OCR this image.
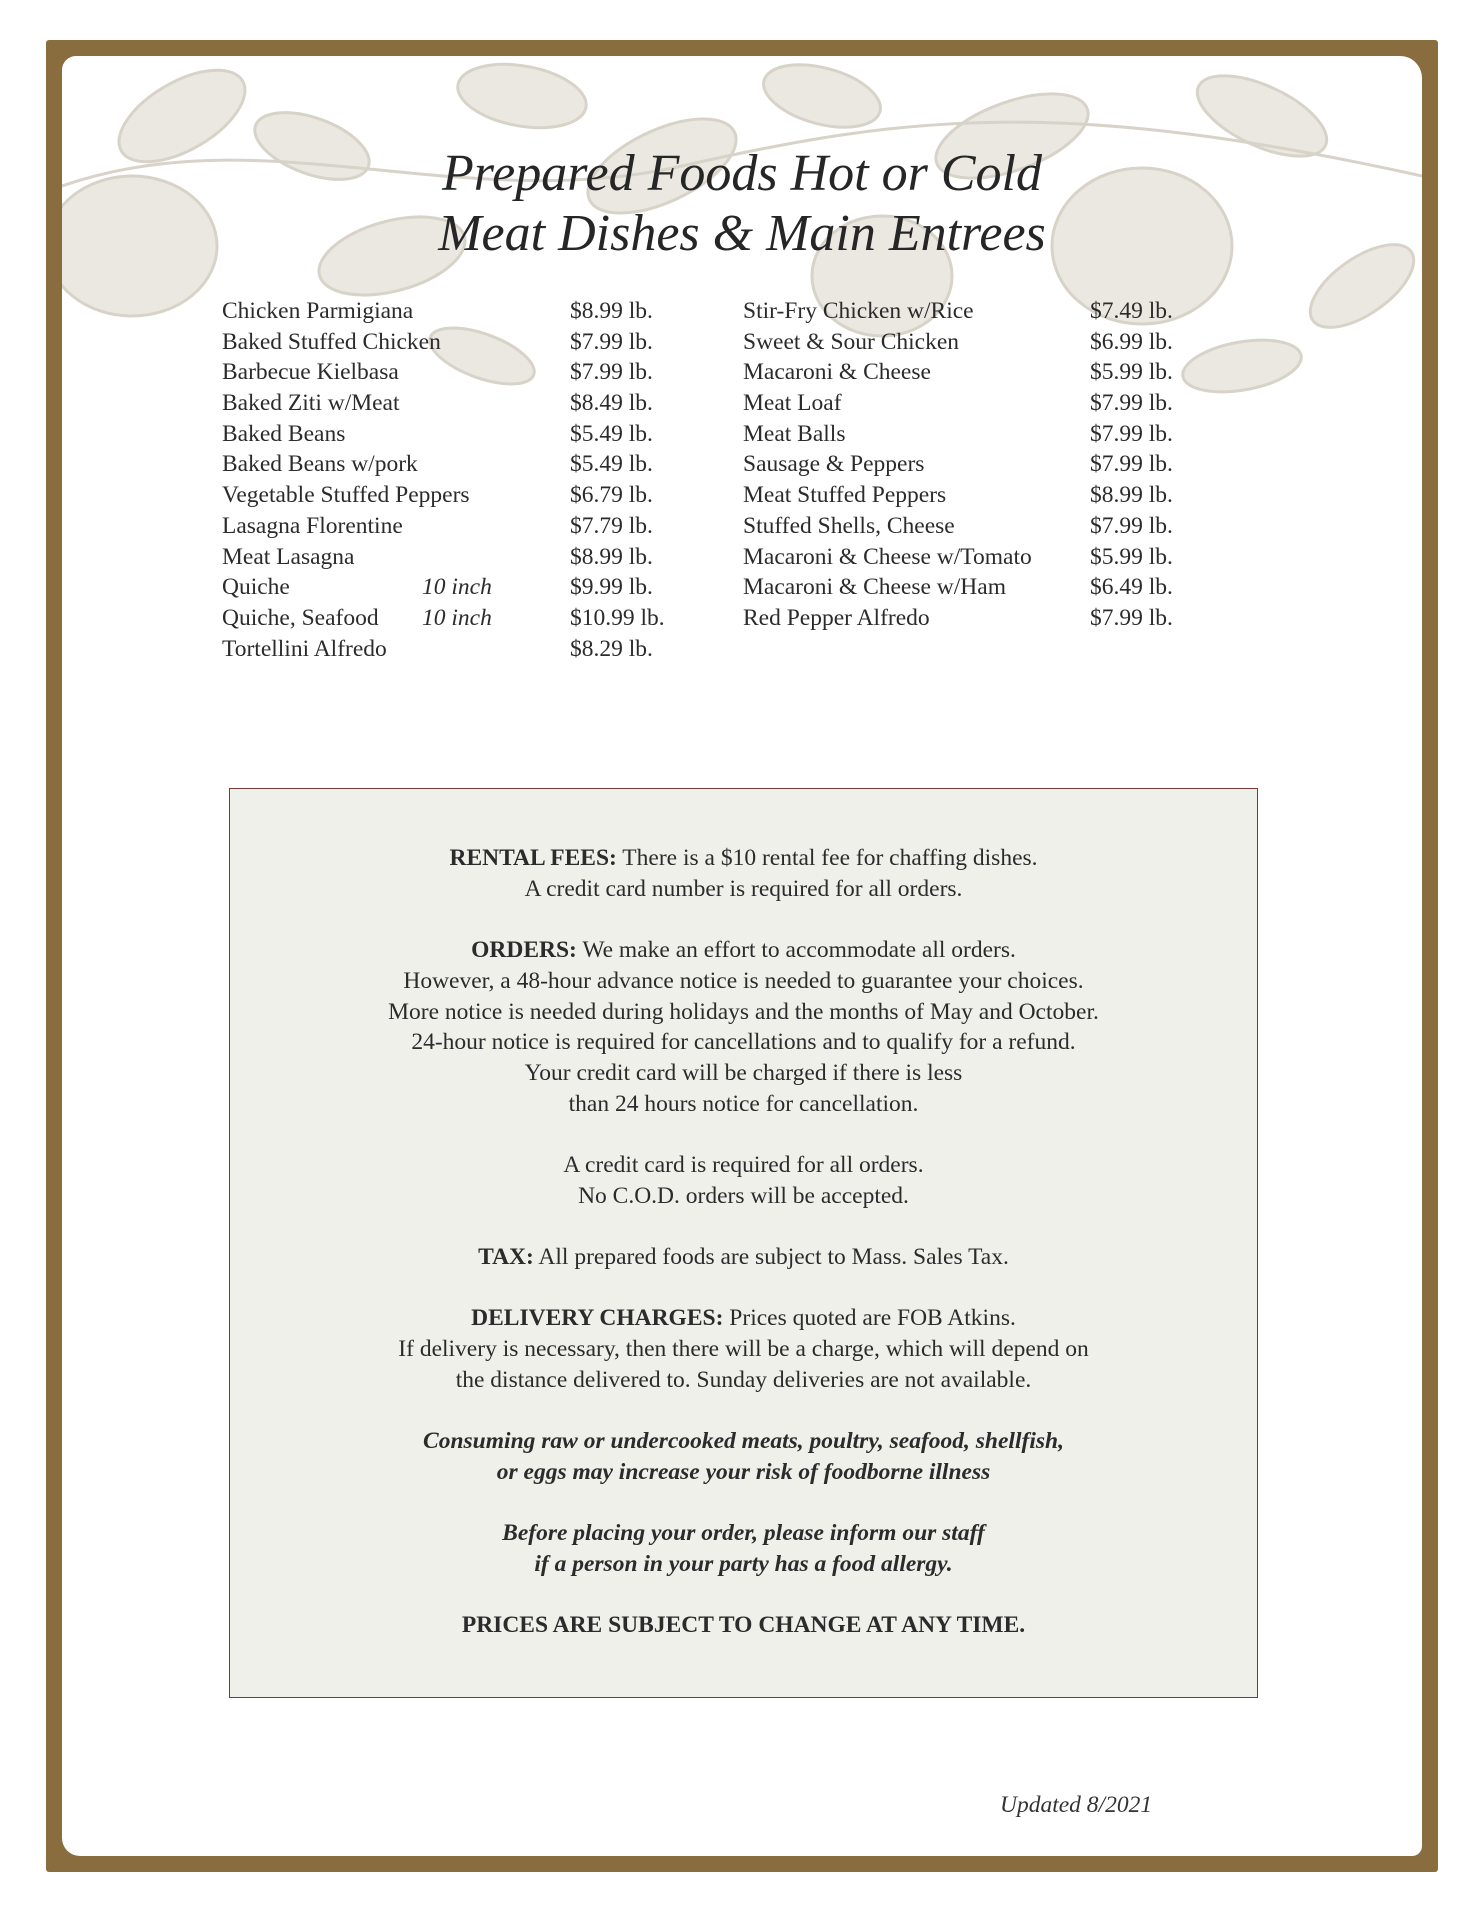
Prepared Foods Hot or Cold
Meat Dishes & Main Entrees
Chicken Parmigiana	$8.99 lb.
Baked Stuffed Chicken	$7.99 lb.
Barbecue Kielbasa	$7.99 lb.
Baked Ziti w/Meat	$8.49 lb.
Baked Beans	$5.49 lb.
Baked Beans w/pork	$5.49 lb.
Vegetable Stuffed Peppers	$6.79 lb.
Lasagna Florentine	$7.79 lb.
Meat Lasagna	$8.99 lb.
Quiche	10 inch	$9.99 lb.
Quiche, Seafood 10 inch	$10.99 lb.
Tortellini Alfredo	$8.29 lb.
Stir-Fry Chicken w/Rice	$7.49 lb.
Sweet & Sour Chicken	$6.99 lb.
Macaroni & Cheese	$5.99 lb.
Meat Loaf	$7.99 lb.
Meat Balls	$7.99 lb.
Sausage & Peppers	$7.99 lb.
Meat Stuffed Peppers	$8.99 lb.
Stuffed Shells, Cheese	$7.99 lb.
Macaroni & Cheese w/Tomato $5.99 lb.
Macaroni & Cheese w/Ham	$6.49 lb.
Red Pepper Alfredo	$7.99 lb.

RENTAL FEES: There is a $10 rental fee for chaffing dishes.

A credit card number is required for all orders.

ORDERS: We make an effort to accommodate all orders.

However, a 48-hour advance notice is needed to guarantee your choices.

More notice is needed during holidays and the months of May and October.

24-hour notice is required for cancellations and to qualify for a refund.

Your credit card will be charged if there is less

than 24 hours notice for cancellation.

A credit card is required for all orders.

No C.O.D. orders will be accepted.

TAX: All prepared foods are subject to Mass. Sales Tax.

DELIVERY CHARGES: Prices quoted are FOB Atkins.

If delivery is necessary, then there will be a charge, which will depend on

the distance delivered to. Sunday deliveries are not available.

Consuming raw or undercooked meats, poultry, seafood, shellfish,

or eggs may increase your risk of foodborne illness

Before placing your order, please inform our staff

if a person in your party has a food allergy.

PRICES ARE SUBJECT TO CHANGE AT ANY TIME.
Updated 8/2021
